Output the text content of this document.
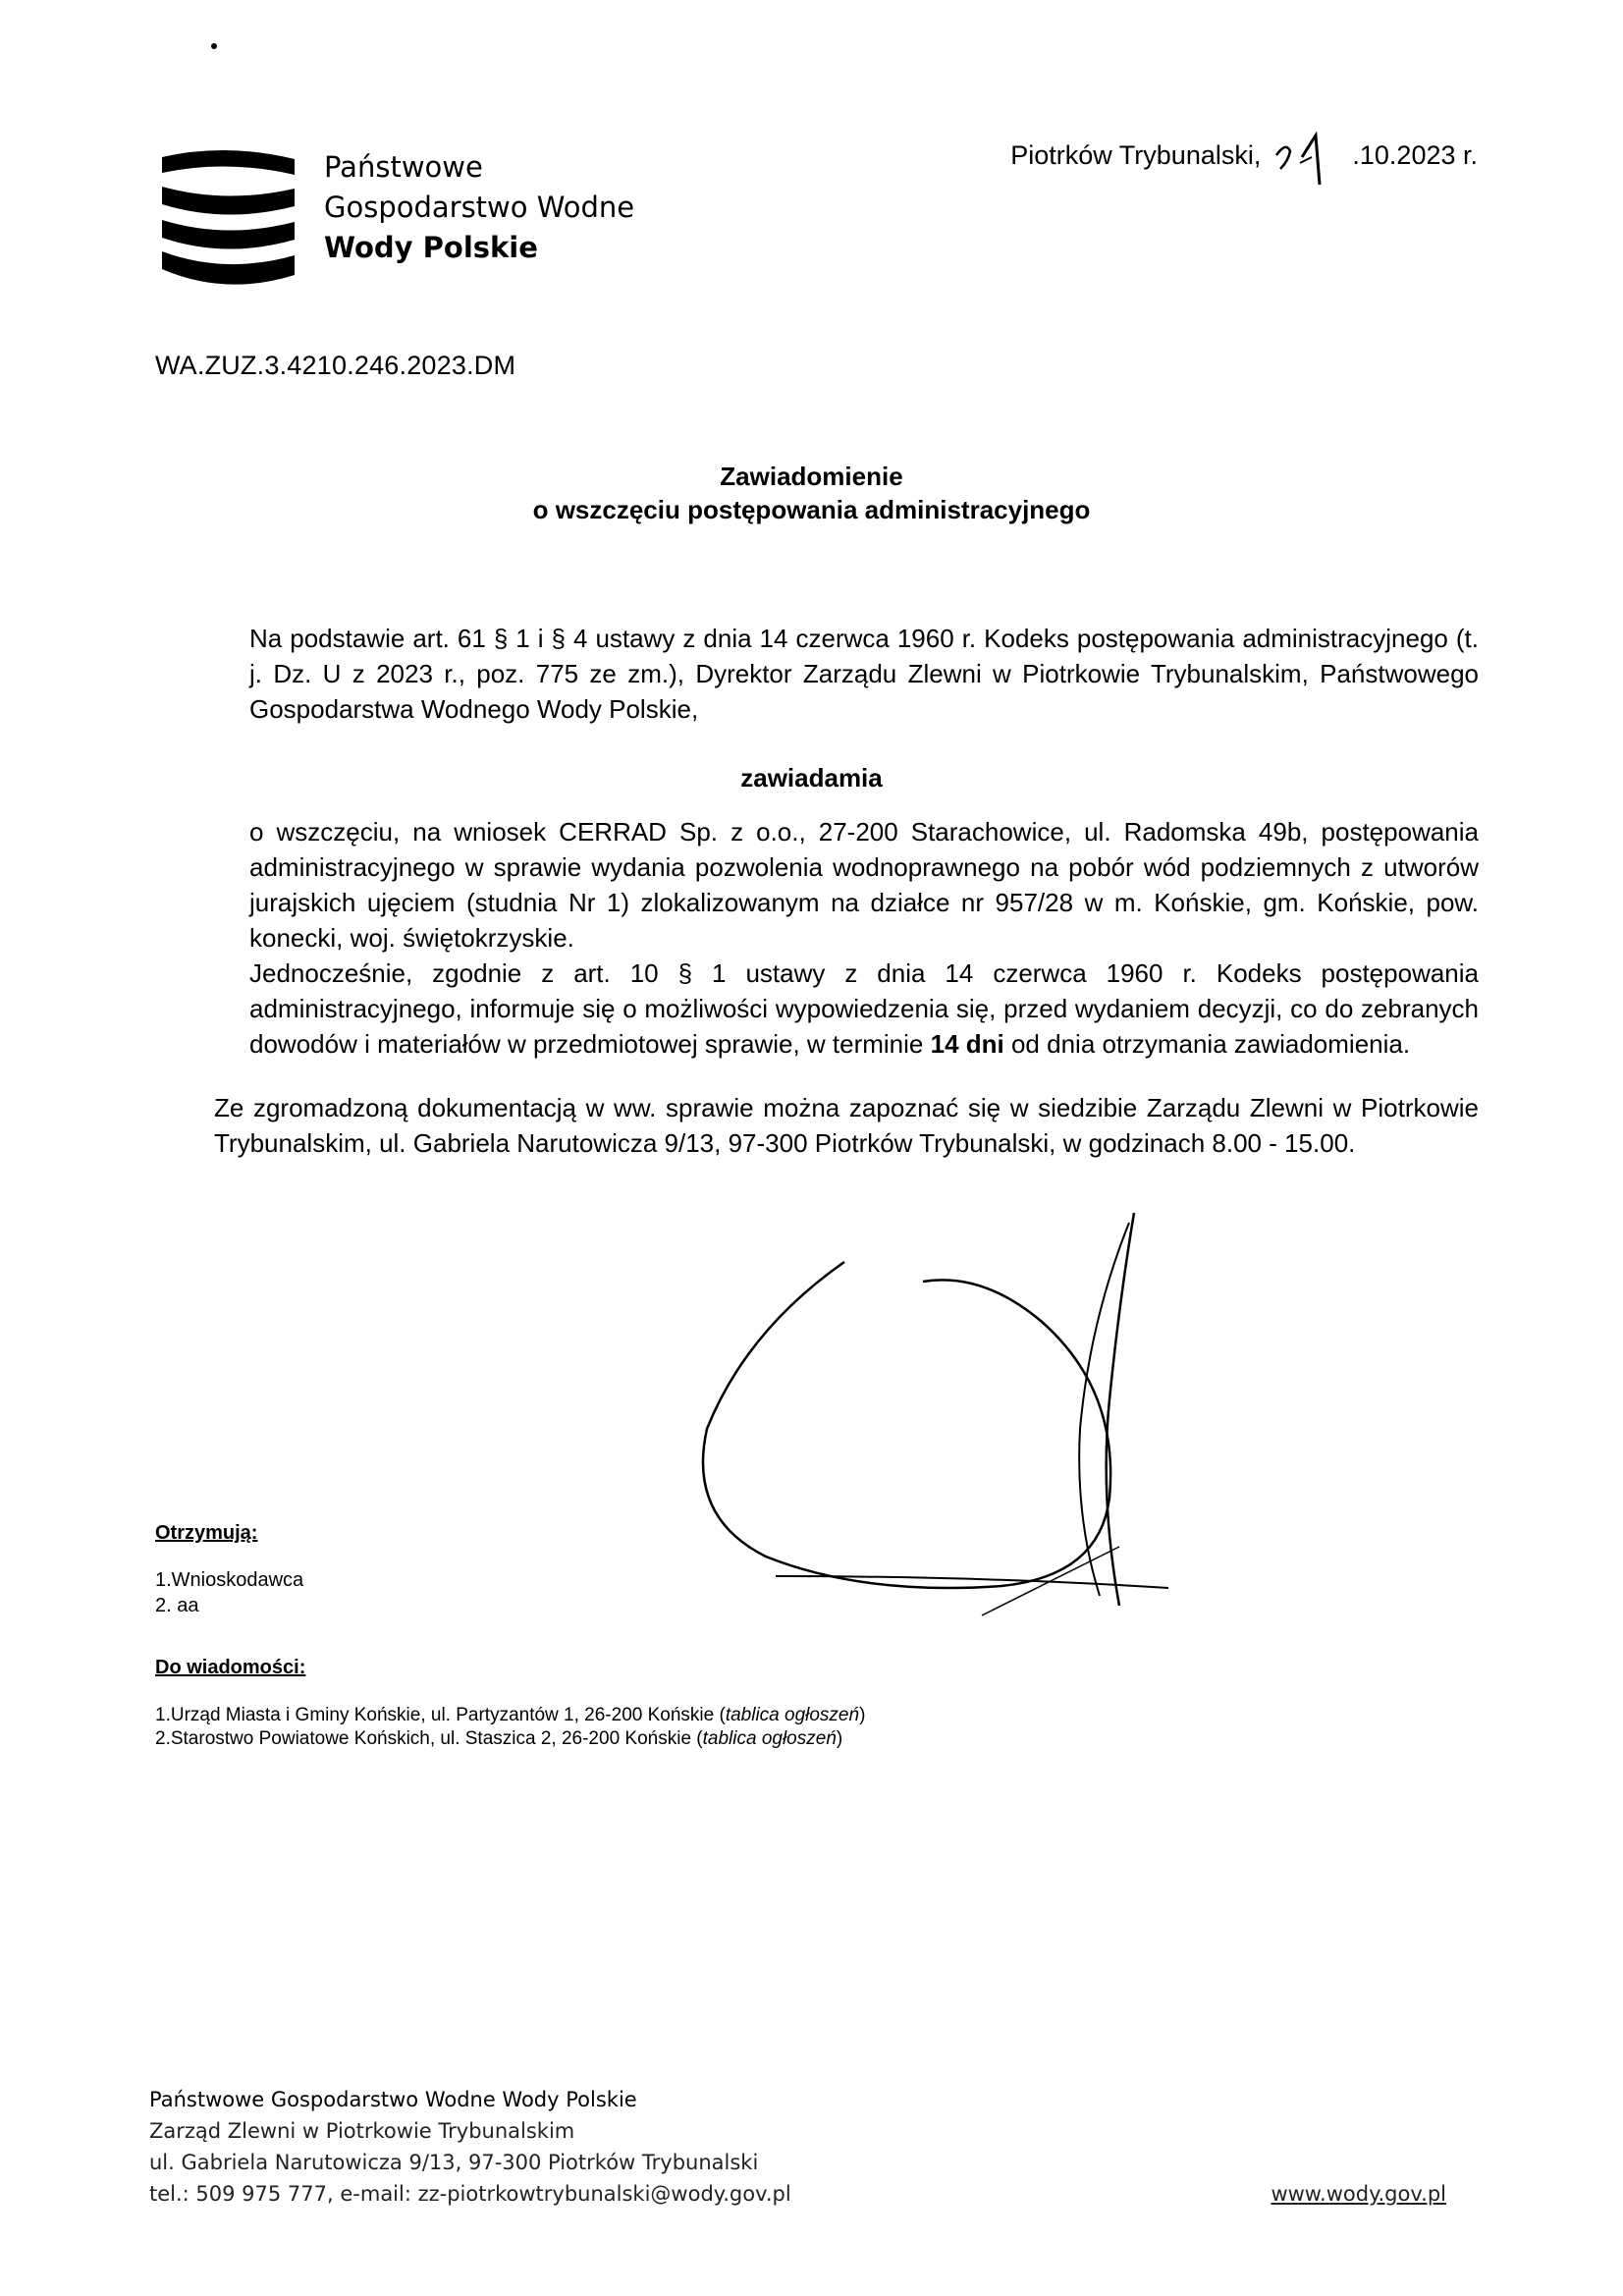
Państwowe
Gospodarstwo Wodne
Wody Polskie
Piotrków Trybunalski,	.10.2023 r.
WA.ZUZ.3.4210.246.2023.DM
Zawiadomienie
o wszczęciu postępowania administracyjnego
Na podstawie art. 61 § 1 i § 4 ustawy z dnia 14 czerwca 1960 r. Kodeks postępowania administracyjnego (t. j. Dz. U z 2023 r., poz. 775 ze zm.), Dyrektor Zarządu Zlewni w Piotrkowie Trybunalskim, Państwowego Gospodarstwa Wodnego Wody Polskie,
zawiadamia
o wszczęciu, na wniosek CERRAD Sp. z o.o., 27-200 Starachowice, ul. Radomska 49b, postępowania administracyjnego w sprawie wydania pozwolenia wodnoprawnego na pobór wód podziemnych z utworów jurajskich ujęciem (studnia Nr 1) zlokalizowanym na działce nr 957/28 w m. Końskie, gm. Końskie, pow. konecki, woj. świętokrzyskie.
Jednocześnie, zgodnie z art. 10 § 1 ustawy z dnia 14 czerwca 1960 r. Kodeks postępowania administracyjnego, informuje się o możliwości wypowiedzenia się, przed wydaniem decyzji, co do zebranych dowodów i materiałów w przedmiotowej sprawie, w terminie 14 dni od dnia otrzymania zawiadomienia.
Ze zgromadzoną dokumentacją w ww. sprawie można zapoznać się w siedzibie Zarządu Zlewni w Piotrkowie Trybunalskim, ul. Gabriela Narutowicza 9/13, 97-300 Piotrków Trybunalski, w godzinach 8.00 - 15.00.
Otrzymują:
1.Wnioskodawca
2. aa
Do wiadomości:
1.Urząd Miasta i Gminy Końskie, ul. Partyzantów 1, 26-200 Końskie (tablica ogłoszeń)
2.Starostwo Powiatowe Końskich, ul. Staszica 2, 26-200 Końskie (tablica ogłoszeń)
Państwowe Gospodarstwo Wodne Wody Polskie
Zarząd Zlewni w Piotrkowie Trybunalskim
ul. Gabriela Narutowicza 9/13, 97-300 Piotrków Trybunalski
tel.: 509 975 777, e-mail: zz-piotrkowtrybunalski@wody.gov.pl	www.wody.gov.pl
